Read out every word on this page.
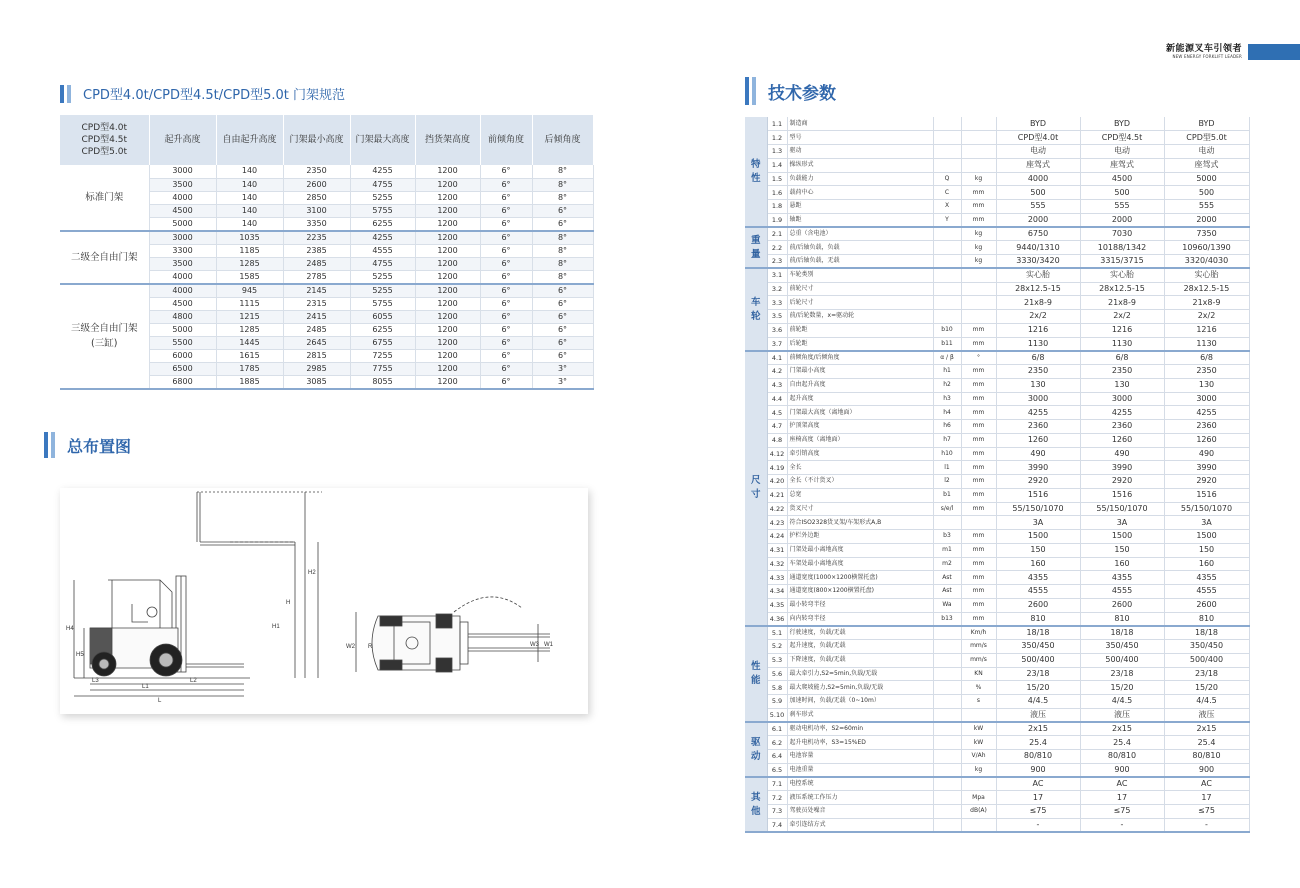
新能源叉车引领者
NEW ENERGY FORKLIFT LEADER
CPD型4.0t/CPD型4.5t/CPD型5.0t 门架规范
CPD型4.0t
CPD型4.5t
CPD型5.0t	起升高度	自由起升高度	门架最小高度	门架最大高度	挡货架高度	前倾角度	后倾角度
标准门架	3000	140	2350	4255	1200	6°	8°
	3500	140	2600	4755	1200	6°	8°
	4000	140	2850	5255	1200	6°	8°
	4500	140	3100	5755	1200	6°	6°
	5000	140	3350	6255	1200	6°	6°
二级全自由门架	3000	1035	2235	4255	1200	6°	8°
	3300	1185	2385	4555	1200	6°	8°
	3500	1285	2485	4755	1200	6°	8°
	4000	1585	2785	5255	1200	6°	8°
三级全自由门架
(三缸)	4000	945	2145	5255	1200	6°	6°
	4500	1115	2315	5755	1200	6°	6°
	4800	1215	2415	6055	1200	6°	6°
	5000	1285	2485	6255	1200	6°	6°
	5500	1445	2645	6755	1200	6°	6°
	6000	1615	2815	7255	1200	6°	6°
	6500	1785	2985	7755	1200	6°	3°
	6800	1885	3085	8055	1200	6°	3°
总布置图
H2
H
H1
H4
H5
L3
L1
L2
L
W2	W3
R	W1
技术参数
特性	1.1	制造商			BYD	BYD	BYD
	1.2	型号			CPD型4.0t	CPD型4.5t	CPD型5.0t
	1.3	驱动			电动	电动	电动
	1.4	操纵形式			座驾式	座驾式	座驾式
	1.5	负载能力	Q	kg	4000	4500	5000
	1.6	载荷中心	C	mm	500	500	500
	1.8	悬距	X	mm	555	555	555
	1.9	轴距	Y	mm	2000	2000	2000

重量	2.1	总重（含电池）		kg	6750	7030	7350
	2.2	前/后轴负载，负载		kg	9440/1310	10188/1342	10960/1390
	2.3	前/后轴负载，无载		kg	3330/3420	3315/3715	3320/4030

车轮	3.1	车轮类别			实心胎	实心胎	实心胎
	3.2	前轮尺寸			28x12.5-15	28x12.5-15	28x12.5-15
	3.3	后轮尺寸			21x8-9	21x8-9	21x8-9
	3.5	前/后轮数量，x=驱动轮			2x/2	2x/2	2x/2
	3.6	前轮距	b10	mm	1216	1216	1216
	3.7	后轮距	b11	mm	1130	1130	1130

尺寸	4.1	前倾角度/后倾角度	α / β	°	6/8	6/8	6/8
	4.2	门架最小高度	h1	mm	2350	2350	2350
	4.3	自由起升高度	h2	mm	130	130	130
	4.4	起升高度	h3	mm	3000	3000	3000
	4.5	门架最大高度（离地面）	h4	mm	4255	4255	4255
	4.7	护顶架高度	h6	mm	2360	2360	2360
	4.8	座椅高度（离地面）	h7	mm	1260	1260	1260
	4.12	牵引销高度	h10	mm	490	490	490
	4.19	全长	l1	mm	3990	3990	3990
	4.20	全长（不计货叉）	l2	mm	2920	2920	2920
	4.21	总宽	b1	mm	1516	1516	1516
	4.22	货叉尺寸	s/e/l	mm	55/150/1070	55/150/1070	55/150/1070
	4.23	符合ISO2328货叉架/车架形式A,B			3A	3A	3A
	4.24	护栏外边距	b3	mm	1500	1500	1500
	4.31	门架处最小离地高度	m1	mm	150	150	150
	4.32	车架处最小离地高度	m2	mm	160	160	160
	4.33	通道宽度(1000×1200横置托盘)	Ast	mm	4355	4355	4355
	4.34	通道宽度(800×1200横置托盘)	Ast	mm	4555	4555	4555
	4.35	最小转弯半径	Wa	mm	2600	2600	2600
	4.36	向内转弯半径	b13	mm	810	810	810

性能	5.1	行驶速度，负载/无载		Km/h	18/18	18/18	18/18
	5.2	起升速度，负载/无载		mm/s	350/450	350/450	350/450
	5.3	下降速度，负载/无载		mm/s	500/400	500/400	500/400
	5.6	最大牵引力,S2=5min,负载/无载		KN	23/18	23/18	23/18
	5.8	最大爬坡能力,S2=5min,负载/无载		%	15/20	15/20	15/20
	5.9	加速时间，负载/无载（0~10m）		s	4/4.5	4/4.5	4/4.5
	5.10	刹车形式			液压	液压	液压

驱动	6.1	驱动电机功率，S2=60min		kW	2x15	2x15	2x15
	6.2	起升电机功率，S3=15%ED		kW	25.4	25.4	25.4
	6.4	电池容量		V/Ah	80/810	80/810	80/810
	6.5	电池重量		kg	900	900	900

其他	7.1	电控系统			AC	AC	AC
	7.2	液压系统工作压力		Mpa	17	17	17
	7.3	驾驶员处噪音		dB(A)	≤75	≤75	≤75
	7.4	牵引连结方式			-	-	-
